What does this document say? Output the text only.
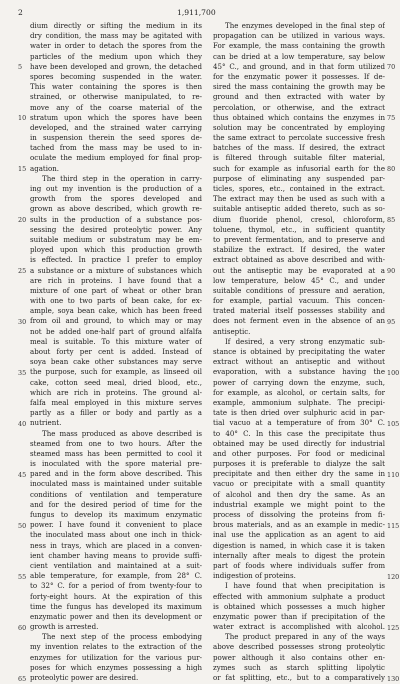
2	1,911,700
dium directly or sifting the medium in its
dry condition, the mass may be agitated with
water in order to detach the spores from the
particles of the medium upon which they
have been developed and grown, the detached
spores becoming suspended in the water.
This water containing the spores is then
strained, or otherwise manipulated, to re-
move any of the coarse material of the
stratum upon which the spores have been
developed, and the strained water carrying
in suspension therein the seed spores de-
tached from the mass may be used to in-
oculate the medium employed for final prop-
agation.
The third step in the operation in carry-
ing out my invention is the production of a
growth from the spores developed and
grown as above described, which growth re-
sults in the production of a substance pos-
sessing the desired proteolytic power. Any
suitable medium or substratum may be em-
ployed upon which this production growth
is effected. In practice I prefer to employ
a substance or a mixture of substances which
are rich in proteins. I have found that a
mixture of one part of wheat or other bran
with one to two parts of bean cake, for ex-
ample, soya bean cake, which has been freed
from oil and ground, to which may or may
not be added one-half part of ground alfalfa
meal is suitable. To this mixture water of
about forty per cent is added. Instead of
soya bean cake other substances may serve
the purpose, such for example, as linseed oil
cake, cotton seed meal, dried blood, etc.,
which are rich in proteins. The ground al-
falfa meal employed in this mixture serves
partly as a filler or body and partly as a
nutrient.
The mass produced as above described is
steamed from one to two hours. After the
steamed mass has been permitted to cool it
is inoculated with the spore material pre-
pared and in the form above described. This
inoculated mass is maintained under suitable
conditions of ventilation and temperature
and for the desired period of time for the
fungus to develop its maximum enzymatic
power. I have found it convenient to place
the inoculated mass about one inch in thick-
ness in trays, which are placed in a conven-
ient chamber having means to provide suffi-
cient ventilation and maintained at a suit-
able temperature, for example, from 28° C.
to 32° C. for a period of from twenty-four to
forty-eight hours. At the expiration of this
time the fungus has developed its maximum
enzymatic power and then its development or
growth is arrested.
The next step of the process embodying
my invention relates to the extraction of the
enzymes for utilization for the various pur-
poses for which enzymes possessing a high
proteolytic power are desired.
The enzymes developed in the final step of
propagation can be utilized in various ways.
For example, the mass containing the growth
can be dried at a low temperature, say below
45° C., and ground, and in that form utilized
for the enzymatic power it possesses. If de-
sired the mass containing the growth may be
ground and then extracted with water by
percolation, or otherwise, and the extract
thus obtained which contains the enzymes in
solution may be concentrated by employing
the same extract to percolate successive fresh
batches of the mass. If desired, the extract
is filtered through suitable filter material,
such for example as infusorial earth for the
purpose of eliminating any suspended par-
ticles, spores, etc., contained in the extract.
The extract may then be used as such with a
suitable antiseptic added thereto, such as so-
dium fluoride phenol, cresol, chloroform,
toluene, thymol, etc., in sufficient quantity
to prevent fermentation, and to preserve and
stabilize the extract. If desired, the water
extract obtained as above described and with-
out the antiseptic may be evaporated at a
low temperature, below 45° C., and under
suitable conditions of pressure and aeration,
for example, partial vacuum. This concen-
trated material itself possesses stability and
does not ferment even in the absence of an
antiseptic.
If desired, a very strong enzymatic sub-
stance is obtained by precipitating the water
extract without an antiseptic and without
evaporation, with a substance having the
power of carrying down the enzyme, such,
for example, as alcohol, or certain salts, for
example, ammonium sulphate. The precipi-
tate is then dried over sulphuric acid in par-
tial vacuo at a temperature of from 30° C.
to 40° C. In this case the precipitate thus
obtained may be used directly for industrial
and other purposes. For food or medicinal
purposes it is preferable to dialyze the salt
precipitate and then either dry the same in
vacuo or precipitate with a small quantity
of alcohol and then dry the same. As an
industrial example we might point to the
process of dissolving the proteins from fi-
brous materials, and as an example in medic-
inal use the application as an agent to aid
digestion is named, in which case it is taken
internally after meals to digest the protein
part of foods where individuals suffer from
indigestion of proteins.
I have found that when precipitation is
effected with ammonium sulphate a product
is obtained which possesses a much higher
enzymatic power than if precipitation of the
water extract is accomplished with alcohol.
The product prepared in any of the ways
above described possesses strong proteolytic
power although it also contains other en-
zymes such as starch splitting lipolytic
or fat splitting, etc., but to a comparatively
5
10
15
20
25
30
35
40
45
50
55
60
65
70
75
80
85
90
95
100
105
110
115
120
125
130
